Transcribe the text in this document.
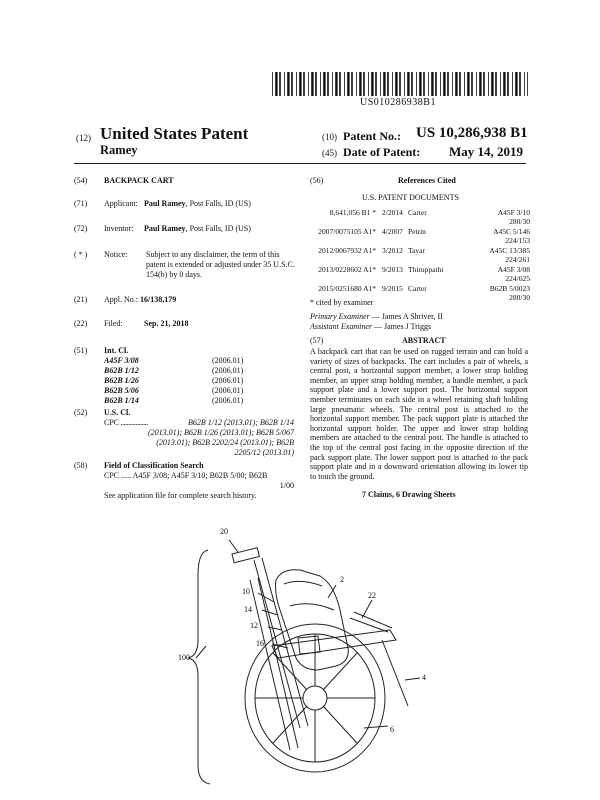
US010286938B1
(12) United States Patent
Ramey
(10) Patent No.: US 10,286,938 B1
(45) Date of Patent: May 14, 2019
(54) BACKPACK CART
(71) Applicant: Paul Ramey, Post Falls, ID (US)
(72) Inventor: Paul Ramey, Post Falls, ID (US)
( * ) Notice:	Subject to any disclaimer, the term of this patent is extended or adjusted under 35 U.S.C. 154(b) by 0 days.
(21) Appl. No.: 16/138,179
(22) Filed:	Sep. 21, 2018
(51) Int. Cl.
A45F 3/08	(2006.01)
B62B 1/12	(2006.01)
B62B 1/26	(2006.01)
B62B 5/06	(2006.01)
B62B 1/14	(2006.01)
(52) U.S. Cl.
CPC ..................	B62B 1/12 (2013.01); B62B 1/14
(2013.01); B62B 1/26 (2013.01); B62B 5/067
(2013.01); B62B 2202/24 (2013.01); B62B
2205/12 (2013.01)
(58) Field of Classification Search
CPC ..... A45F 3/08; A45F 3/10; B62B 5/00; B62B
1/00
See application file for complete search history.
(56)	References Cited
U.S. PATENT DOCUMENTS
8,641,056 B1 * 2/2014 Carter	A45F 3/10
280/30
2007/0075105 A1* 4/2007 Petrin	A45C 5/146
224/153
2012/0067932 A1* 3/2012 Tayar	A45C 13/385
224/261
2013/0228602 A1* 9/2013 Thiruppathi	A45F 3/08
224/625
2015/0251680 A1* 9/2015 Carter	B62B 5/0023
280/30
* cited by examiner
Primary Examiner — James A Shriver, II
Assistant Examiner — James J Triggs
(57)	ABSTRACT
A backpack cart that can be used on rugged terrain and can hold a variety of sizes of backpacks. The cart includes a pair of wheels, a central post, a horizontal support member, a lower strap holding member, an upper strap holding member, a handle member, a pack support plate and a lower support post. The horizontal support member terminates on each side in a wheel retaining shaft holding large pneumatic wheels. The central post is attached to the horizontal support member. The pack support plate is attached the horizontal support holder. The upper and lower strap holding members are attached to the central post. The handle is attached to the top of the central post facing in the opposite direction of the pack support plate. The lower support post is attached to the pack support plate and in a downward orientation allowing its lower tip to touch the ground.
7 Claims, 6 Drawing Sheets
20
10
14
12
16
2
22
4
6
100
